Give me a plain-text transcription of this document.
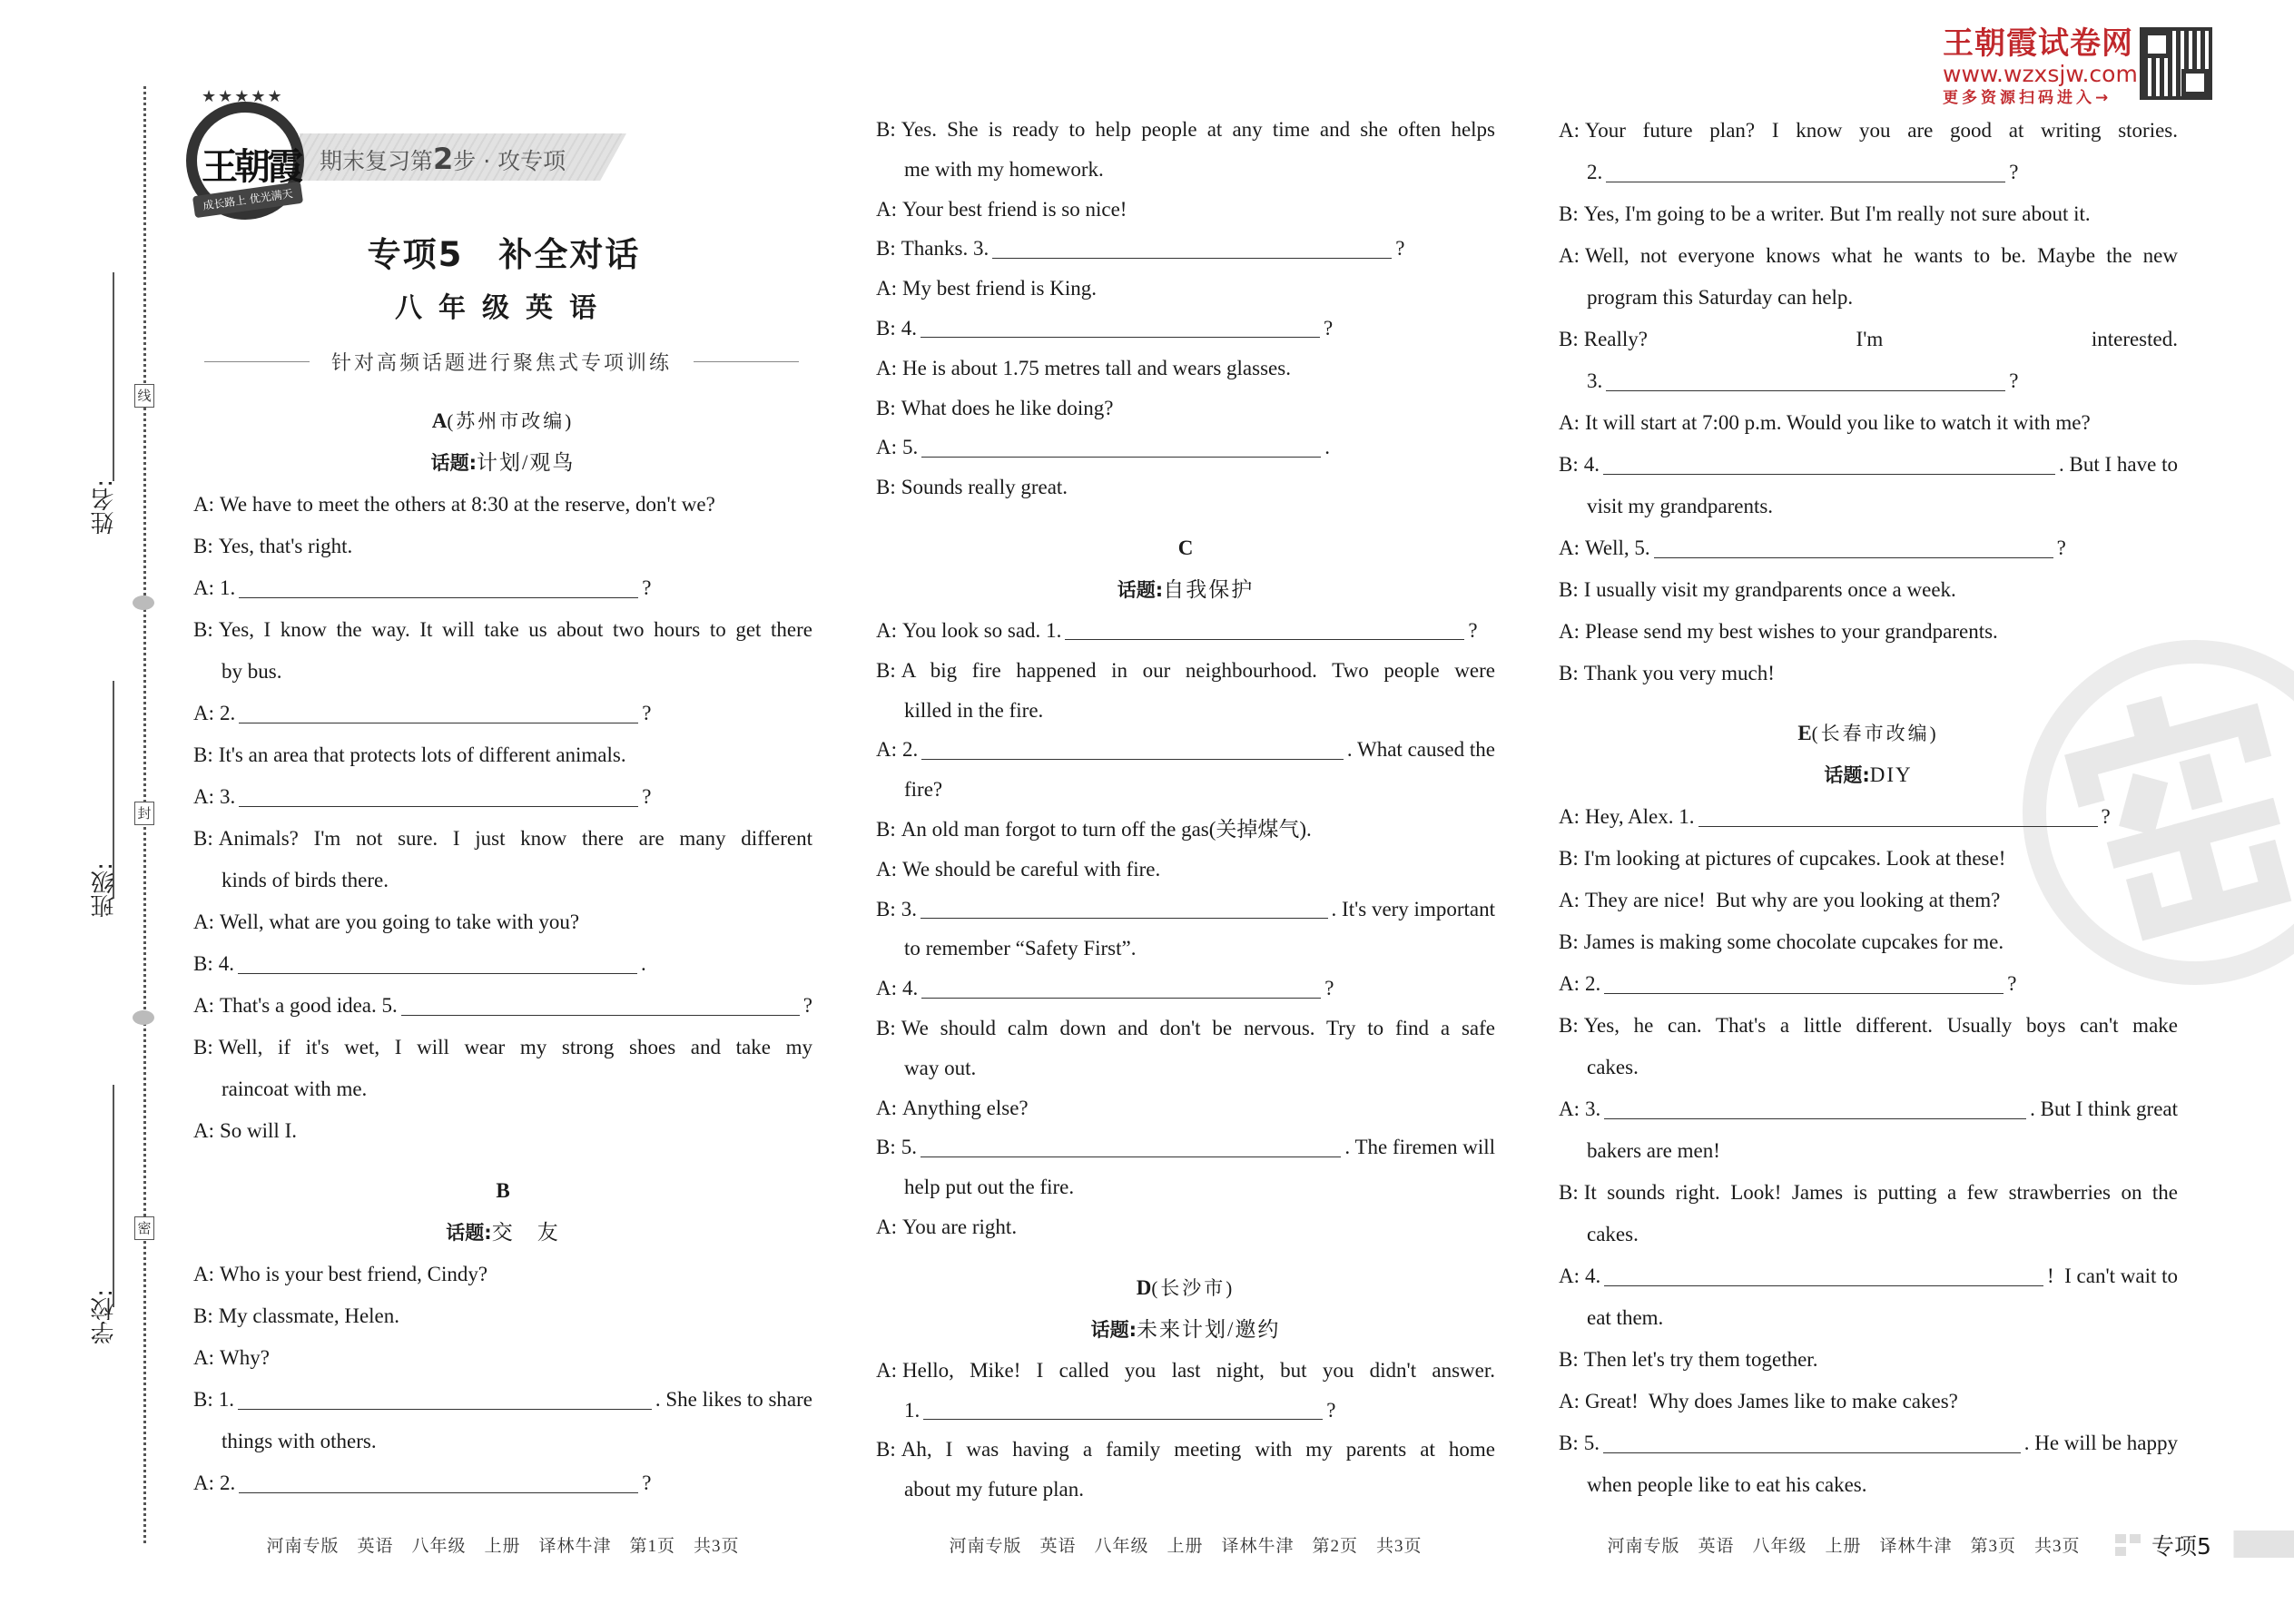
线
封
密
姓名:
班级:
学校:
期末复习第2步 · 攻专项
★★★★★
王朝霞
成长路上 优光满天
专项5　补全对话
八年级英语
针对高频话题进行聚焦式专项训练
王朝霞试卷网
www.wzxsjw.com
更多资源扫码进入→
A(苏州市改编)
话题:计划/观鸟
A: We have to meet the others at 8:30 at the reserve, don't we?
B: Yes, that's right.
A: 1.	?
B: Yes, I know the way. It will take us about two hours to get there
by bus.
A: 2.	?
B: It's an area that protects lots of different animals.
A: 3.	?
B: Animals? I'm not sure. I just know there are many different
kinds of birds there.
A: Well, what are you going to take with you?
B: 4.	.
A: That's a good idea. 5.	?
B: Well, if it's wet, I will wear my strong shoes and take my
raincoat with me.
A: So will I.
B
话题:交　友
A: Who is your best friend, Cindy?
B: My classmate, Helen.
A: Why?
B: 1.	. She likes to share
things with others.
A: 2.	?
B: Yes. She is ready to help people at any time and she often helps
me with my homework.
A: Your best friend is so nice!
B: Thanks. 3.	?
A: My best friend is King.
B: 4.	?
A: He is about 1.75 metres tall and wears glasses.
B: What does he like doing?
A: 5.	.
B: Sounds really great.
C
话题:自我保护
A: You look so sad. 1.	?
B: A big fire happened in our neighbourhood. Two people were
killed in the fire.
A: 2.	. What caused the
fire?
B: An old man forgot to turn off the gas(关掉煤气).
A: We should be careful with fire.
B: 3.	. It's very important
to remember “Safety First”.
A: 4.	?
B: We should calm down and don't be nervous. Try to find a safe
way out.
A: Anything else?
B: 5.	. The firemen will
help put out the fire.
A: You are right.
D(长沙市)
话题:未来计划/邀约
A: Hello, Mike! I called you last night, but you didn't answer.
1.	?
B: Ah, I was having a family meeting with my parents at home
about my future plan.
A: Your future plan? I know you are good at writing stories.
2.	?
B: Yes, I'm going to be a writer. But I'm really not sure about it.
A: Well, not everyone knows what he wants to be. Maybe the new
program this Saturday can help.
B: Really? I'm interested.
3.	?
A: It will start at 7:00 p.m. Would you like to watch it with me?
B: 4.	. But I have to
visit my grandparents.
A: Well, 5.	?
B: I usually visit my grandparents once a week.
A: Please send my best wishes to your grandparents.
B: Thank you very much!
E(长春市改编)
话题:DIY
A: Hey, Alex. 1.	?
B: I'm looking at pictures of cupcakes. Look at these!
A: They are nice!  But why are you looking at them?
B: James is making some chocolate cupcakes for me.
A: 2.	?
B: Yes, he can. That's a little different. Usually boys can't make
cakes.
A: 3.	. But I think great
bakers are men!
B: It sounds right. Look! James is putting a few strawberries on the
cakes.
A: 4.	!  I can't wait to
eat them.
B: Then let's try them together.
A: Great!  Why does James like to make cakes?
B: 5.	. He will be happy
when people like to eat his cakes.
河南专版　英语　八年级　上册　译林牛津　第1页　共3页	河南专版　英语　八年级　上册　译林牛津　第2页　共3页	河南专版　英语　八年级　上册　译林牛津　第3页　共3页	专项5
